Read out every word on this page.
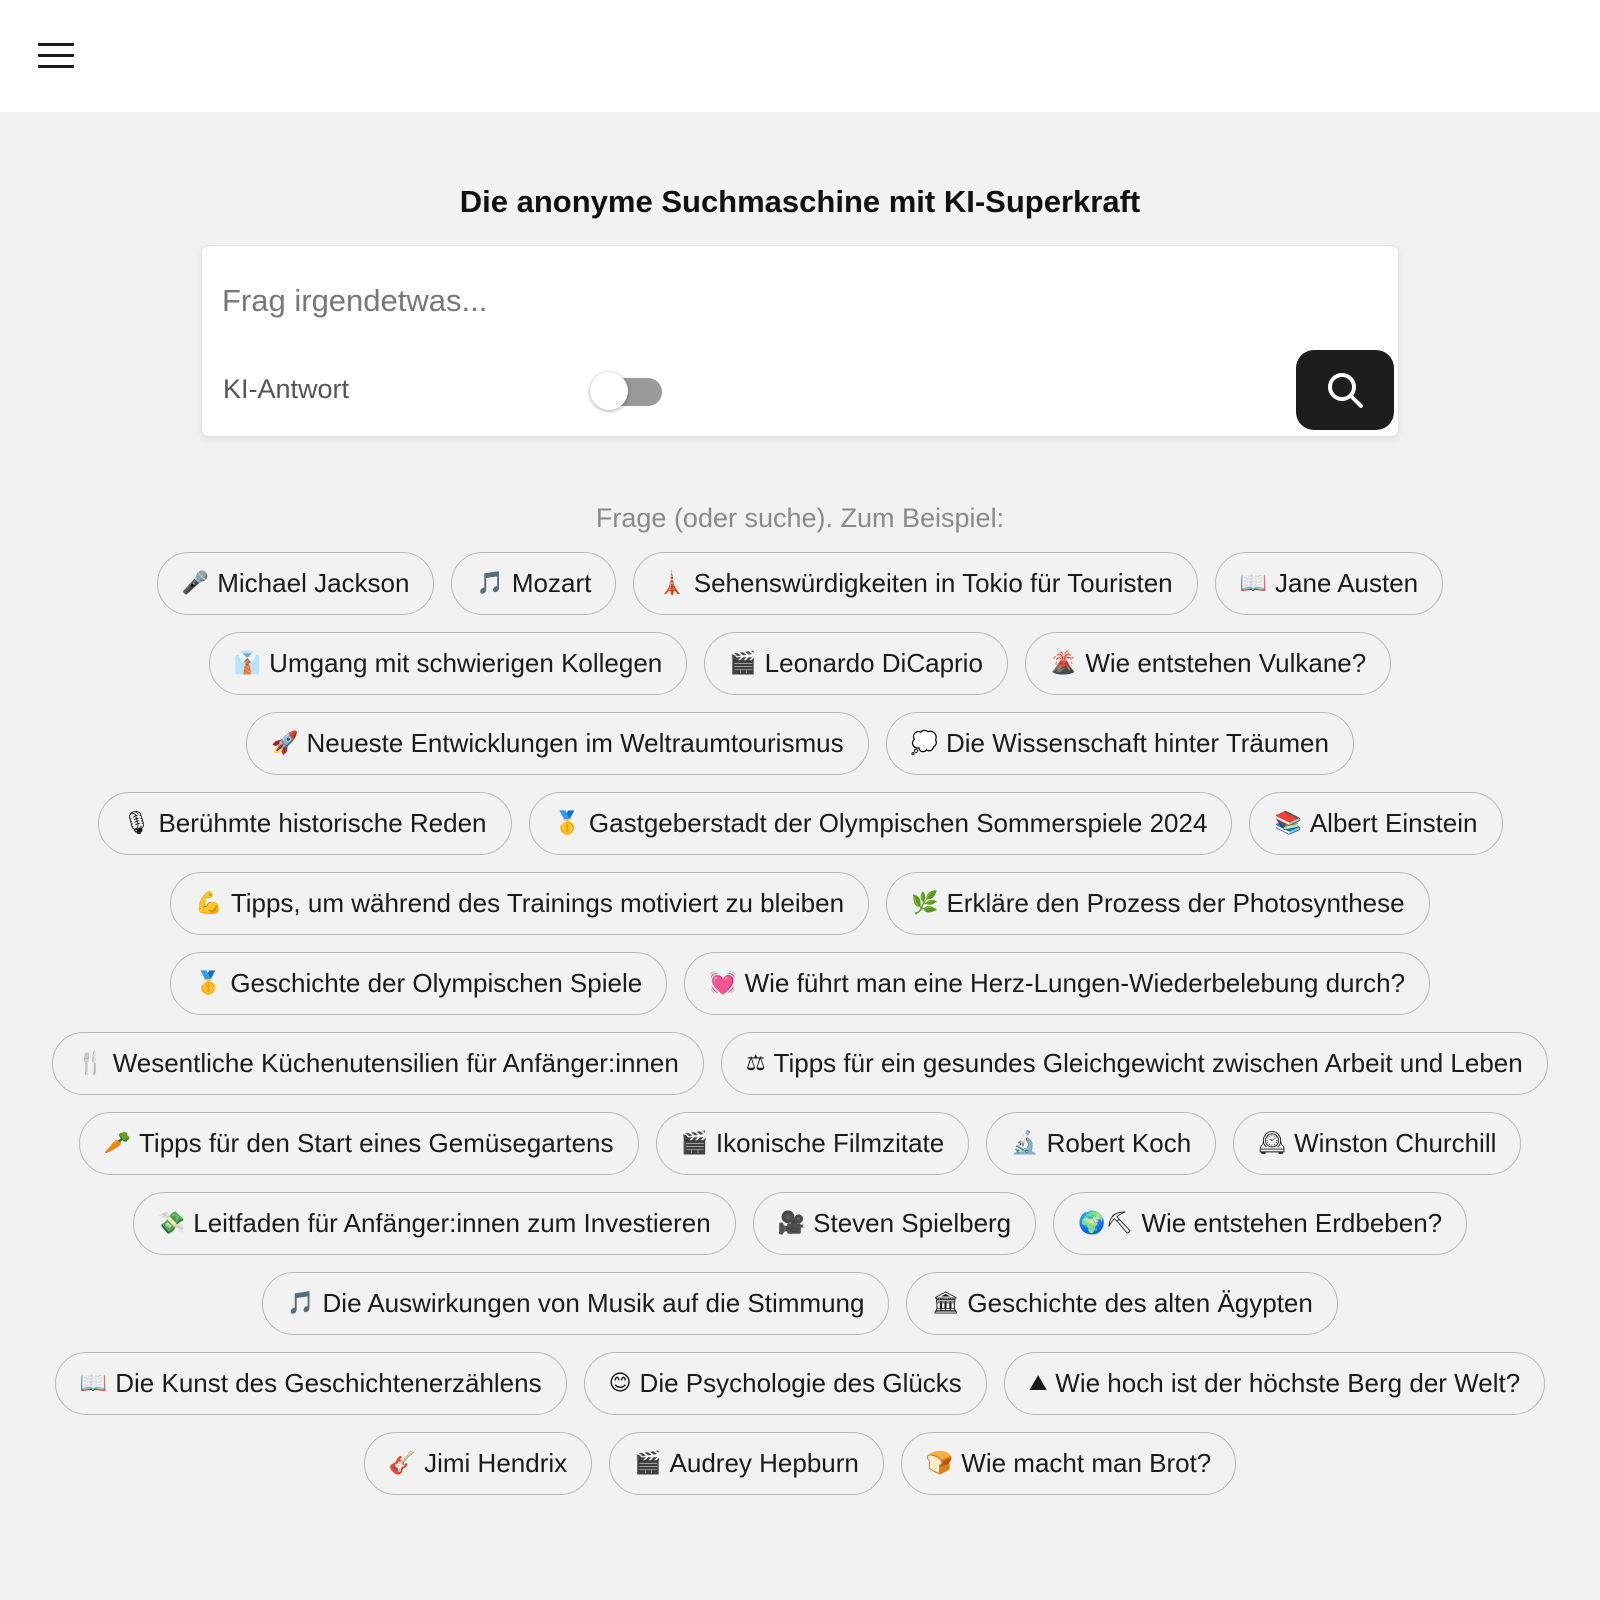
Die anonyme Suchmaschine mit KI-Superkraft
Frag irgendetwas...
KI-Antwort

Frage (oder suche). Zum Beispiel:

🎤 Michael Jackson	🎵 Mozart	🗼 Sehenswürdigkeiten in Tokio für Touristen	📖 Jane Austen
👔 Umgang mit schwierigen Kollegen	🎬 Leonardo DiCaprio	🌋 Wie entstehen Vulkane?
🚀 Neueste Entwicklungen im Weltraumtourismus	💭 Die Wissenschaft hinter Träumen
🎙 Berühmte historische Reden	🥇 Gastgeberstadt der Olympischen Sommerspiele 2024	📚 Albert Einstein
💪 Tipps, um während des Trainings motiviert zu bleiben	🌿 Erkläre den Prozess der Photosynthese
🥇 Geschichte der Olympischen Spiele	💓 Wie führt man eine Herz-Lungen-Wiederbelebung durch?
🍴 Wesentliche Küchenutensilien für Anfänger:innen	⚖ Tipps für ein gesundes Gleichgewicht zwischen Arbeit und Leben
🥕 Tipps für den Start eines Gemüsegartens	🎬 Ikonische Filmzitate	🔬 Robert Koch	🕰 Winston Churchill
💸 Leitfaden für Anfänger:innen zum Investieren	🎥 Steven Spielberg	🌍⛏ Wie entstehen Erdbeben?
🎵 Die Auswirkungen von Musik auf die Stimmung	🏛 Geschichte des alten Ägypten
📖 Die Kunst des Geschichtenerzählens	😊 Die Psychologie des Glücks	⛰ Wie hoch ist der höchste Berg der Welt?
🎸 Jimi Hendrix	🎬 Audrey Hepburn	🍞 Wie macht man Brot?
